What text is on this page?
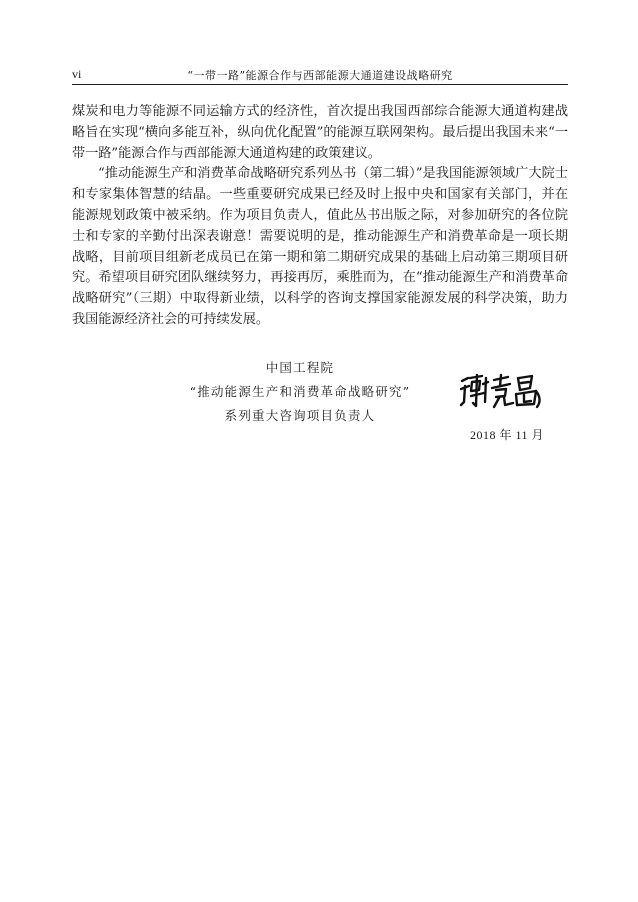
vi	“一带一路”能源合作与西部能源大通道建设战略研究

煤炭和电力等能源不同运输方式的经济性，首次提出我国西部综合能源大通道构建战略旨在实现“横向多能互补，纵向优化配置”的能源互联网架构。最后提出我国未来“一带一路”能源合作与西部能源大通道构建的政策建议。

“推动能源生产和消费革命战略研究系列丛书（第二辑）”是我国能源领域广大院士和专家集体智慧的结晶。一些重要研究成果已经及时上报中央和国家有关部门，并在能源规划政策中被采纳。作为项目负责人，值此丛书出版之际，对参加研究的各位院士和专家的辛勤付出深表谢意！需要说明的是，推动能源生产和消费革命是一项长期战略，目前项目组新老成员已在第一期和第二期研究成果的基础上启动第三期项目研究。希望项目研究团队继续努力，再接再厉，乘胜而为，在“推动能源生产和消费革命战略研究”（三期）中取得新业绩，以科学的咨询支撑国家能源发展的科学决策，助力我国能源经济社会的可持续发展。

中国工程院
“推动能源生产和消费革命战略研究”
系列重大咨询项目负责人
2018 年 11 月
